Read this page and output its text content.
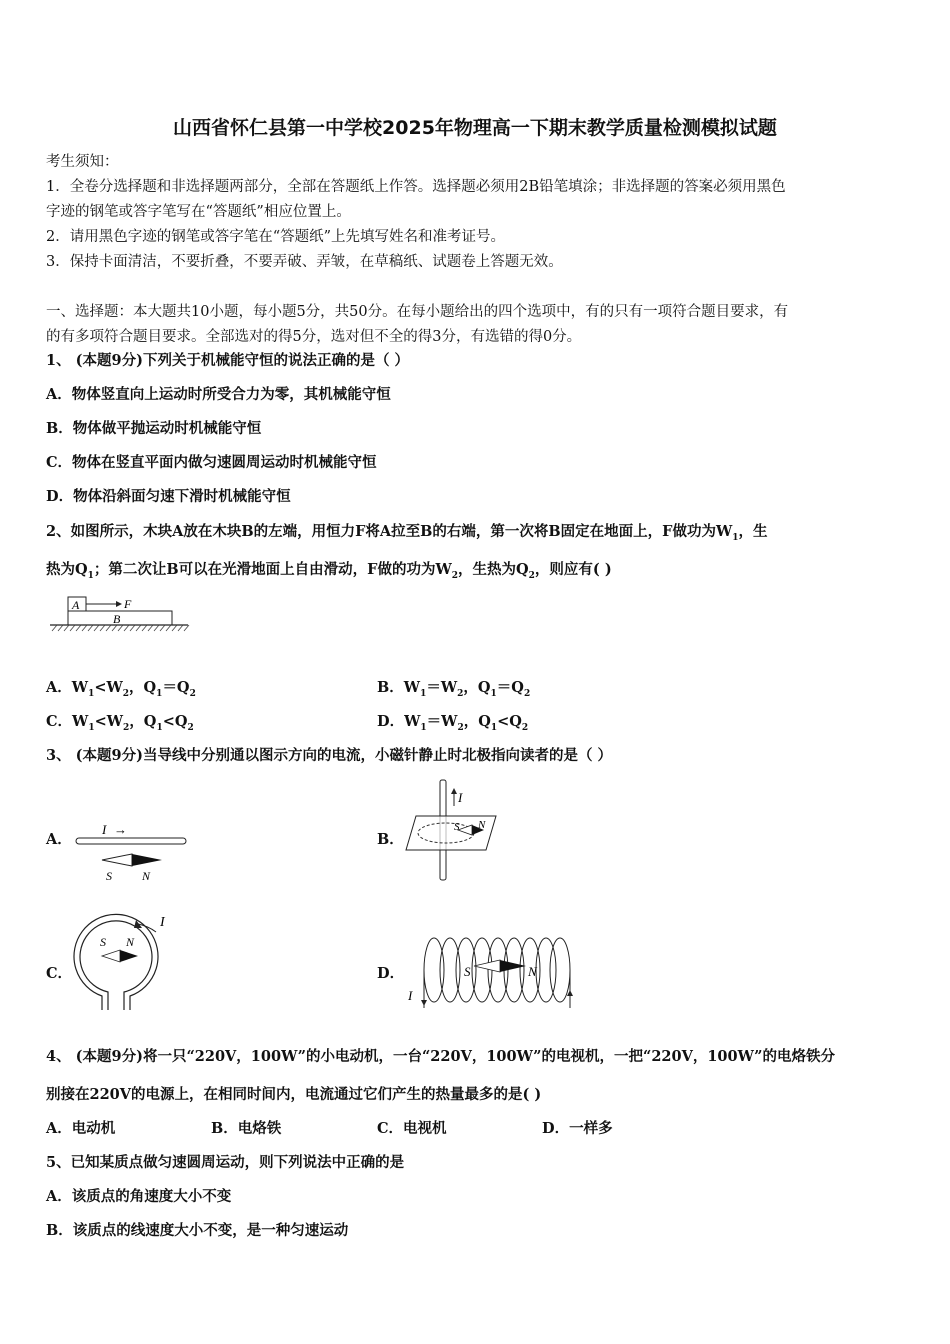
山西省怀仁县第一中学校2025年物理高一下期末教学质量检测模拟试题
考生须知：
1．全卷分选择题和非选择题两部分，全部在答题纸上作答。选择题必须用2B铅笔填涂；非选择题的答案必须用黑色
字迹的钢笔或答字笔写在“答题纸”相应位置上。
2．请用黑色字迹的钢笔或答字笔在“答题纸”上先填写姓名和准考证号。
3．保持卡面清洁，不要折叠，不要弄破、弄皱，在草稿纸、试题卷上答题无效。
一、选择题：本大题共10小题，每小题5分，共50分。在每小题给出的四个选项中，有的只有一项符合题目要求，有
的有多项符合题目要求。全部选对的得5分，选对但不全的得3分，有选错的得0分。
1、 (本题9分)下列关于机械能守恒的说法正确的是（ ）
A．物体竖直向上运动时所受合力为零，其机械能守恒
B．物体做平抛运动时机械能守恒
C．物体在竖直平面内做匀速圆周运动时机械能守恒
D．物体沿斜面匀速下滑时机械能守恒
2、如图所示，木块A放在木块B的左端，用恒力F将A拉至B的右端，第一次将B固定在地面上，F做功为$W_1$，生
热为$Q_1$；第二次让B可以在光滑地面上自由滑动，F做的功为$W_2$，生热为$Q_2$，则应有( )
A	F
B
A．$W_1<W_2$，$Q_1=Q_2$	B．$W_1=W_2$，$Q_1=Q_2$
C．$W_1<W_2$，$Q_1<Q_2$	D．$W_1=W_2$，$Q_1<Q_2$
3、 (本题9分)当导线中分别通以图示方向的电流，小磁针静止时北极指向读者的是（ ）
A．
I →
S	N
B．
I
S N
C．
I
S N
D．
I
S	N
4、 (本题9分)将一只“220V，100W”的小电动机，一台“220V，100W”的电视机，一把“220V，100W”的电烙铁分
别接在220V的电源上，在相同时间内，电流通过它们产生的热量最多的是( )
A．电动机	B．电烙铁	C．电视机	D．一样多
5、已知某质点做匀速圆周运动，则下列说法中正确的是
A．该质点的角速度大小不变
B．该质点的线速度大小不变，是一种匀速运动
